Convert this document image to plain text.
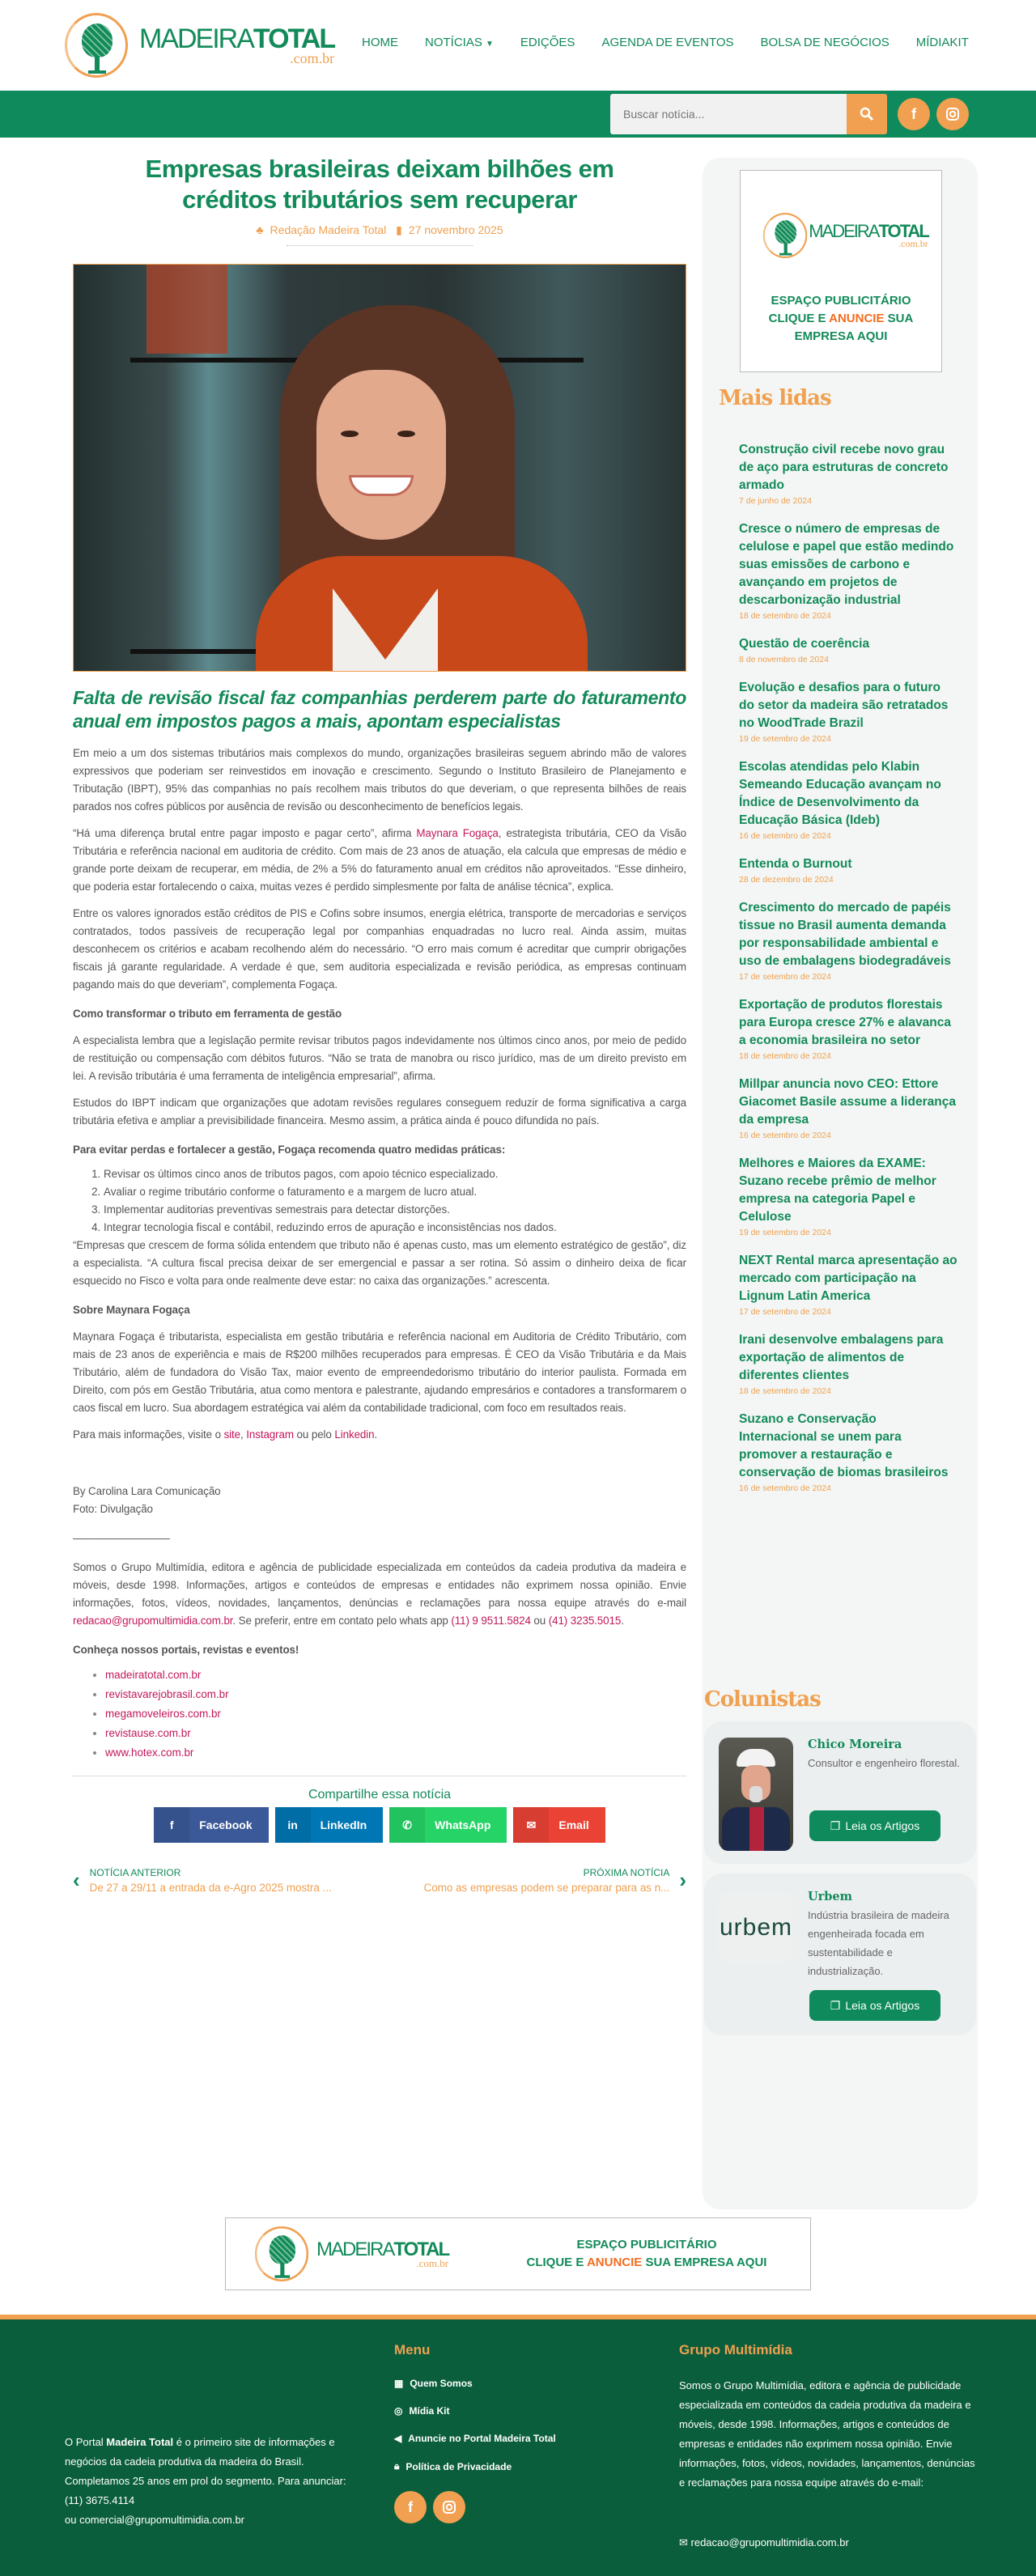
MADEIRATOTAL
.com.br
HOME NOTÍCIAS ▼ EDIÇÕES AGENDA DE EVENTOS BOLSA DE NEGÓCIOS MÍDIAKIT
Buscar notícia...
f
Empresas brasileiras deixam bilhões em créditos tributários sem recuperar
♣ Redação Madeira Total ▮ 27 novembro 2025
Falta de revisão fiscal faz companhias perderem parte do faturamento anual em impostos pagos a mais, apontam especialistas

Em meio a um dos sistemas tributários mais complexos do mundo, organizações brasileiras seguem abrindo mão de valores expressivos que poderiam ser reinvestidos em inovação e crescimento. Segundo o Instituto Brasileiro de Planejamento e Tributação (IBPT), 95% das companhias no país recolhem mais tributos do que deveriam, o que representa bilhões de reais parados nos cofres públicos por ausência de revisão ou desconhecimento de benefícios legais.

“Há uma diferença brutal entre pagar imposto e pagar certo”, afirma Maynara Fogaça, estrategista tributária, CEO da Visão Tributária e referência nacional em auditoria de crédito. Com mais de 23 anos de atuação, ela calcula que empresas de médio e grande porte deixam de recuperar, em média, de 2% a 5% do faturamento anual em créditos não aproveitados. “Esse dinheiro, que poderia estar fortalecendo o caixa, muitas vezes é perdido simplesmente por falta de análise técnica”, explica.

Entre os valores ignorados estão créditos de PIS e Cofins sobre insumos, energia elétrica, transporte de mercadorias e serviços contratados, todos passíveis de recuperação legal por companhias enquadradas no lucro real. Ainda assim, muitas desconhecem os critérios e acabam recolhendo além do necessário. “O erro mais comum é acreditar que cumprir obrigações fiscais já garante regularidade. A verdade é que, sem auditoria especializada e revisão periódica, as empresas continuam pagando mais do que deveriam”, complementa Fogaça.

Como transformar o tributo em ferramenta de gestão

A especialista lembra que a legislação permite revisar tributos pagos indevidamente nos últimos cinco anos, por meio de pedido de restituição ou compensação com débitos futuros. “Não se trata de manobra ou risco jurídico, mas de um direito previsto em lei. A revisão tributária é uma ferramenta de inteligência empresarial”, afirma.

Estudos do IBPT indicam que organizações que adotam revisões regulares conseguem reduzir de forma significativa a carga tributária efetiva e ampliar a previsibilidade financeira. Mesmo assim, a prática ainda é pouco difundida no país.

Para evitar perdas e fortalecer a gestão, Fogaça recomenda quatro medidas práticas:

1. Revisar os últimos cinco anos de tributos pagos, com apoio técnico especializado.
2. Avaliar o regime tributário conforme o faturamento e a margem de lucro atual.
3. Implementar auditorias preventivas semestrais para detectar distorções.
4. Integrar tecnologia fiscal e contábil, reduzindo erros de apuração e inconsistências nos dados.

“Empresas que crescem de forma sólida entendem que tributo não é apenas custo, mas um elemento estratégico de gestão”, diz a especialista. “A cultura fiscal precisa deixar de ser emergencial e passar a ser rotina. Só assim o dinheiro deixa de ficar esquecido no Fisco e volta para onde realmente deve estar: no caixa das organizações.” acrescenta.

Sobre Maynara Fogaça

Maynara Fogaça é tributarista, especialista em gestão tributária e referência nacional em Auditoria de Crédito Tributário, com mais de 23 anos de experiência e mais de R$200 milhões recuperados para empresas. É CEO da Visão Tributária e da Mais Tributário, além de fundadora do Visão Tax, maior evento de empreendedorismo tributário do interior paulista. Formada em Direito, com pós em Gestão Tributária, atua como mentora e palestrante, ajudando empresários e contadores a transformarem o caos fiscal em lucro. Sua abordagem estratégica vai além da contabilidade tradicional, com foco em resultados reais.

Para mais informações, visite o site, Instagram ou pelo Linkedin.

By Carolina Lara Comunicação
Foto: Divulgação

—————————

Somos o Grupo Multimídia, editora e agência de publicidade especializada em conteúdos da cadeia produtiva da madeira e móveis, desde 1998. Informações, artigos e conteúdos de empresas e entidades não exprimem nossa opinião. Envie informações, fotos, vídeos, novidades, lançamentos, denúncias e reclamações para nossa equipe através do e-mail redacao@grupomultimidia.com.br. Se preferir, entre em contato pelo whats app (11) 9 9511.5824 ou (41) 3235.5015.

Conheça nossos portais, revistas e eventos!

• madeiratotal.com.br
• revistavarejobrasil.com.br
• megamoveleiros.com.br
• revistause.com.br
• www.hotex.com.br
Compartilhe essa notícia
f	Facebook	in	LinkedIn	✆	WhatsApp	✉	Email
‹ NOTÍCIA ANTERIOR
De 27 a 29/11 a entrada da e-Agro 2025 mostra ...
PRÓXIMA NOTÍCIA
Como as empresas podem se preparar para as n... ›
MADEIRATOTAL
.com.br
ESPAÇO PUBLICITÁRIO
CLIQUE E ANUNCIE SUA
EMPRESA AQUI
Mais lidas
Construção civil recebe novo grau de aço para estruturas de concreto armado
7 de junho de 2024
Cresce o número de empresas de celulose e papel que estão medindo suas emissões de carbono e avançando em projetos de descarbonização industrial
18 de setembro de 2024
Questão de coerência
8 de novembro de 2024
Evolução e desafios para o futuro do setor da madeira são retratados no WoodTrade Brazil
19 de setembro de 2024
Escolas atendidas pelo Klabin Semeando Educação avançam no Índice de Desenvolvimento da Educação Básica (Ideb)
16 de setembro de 2024
Entenda o Burnout
28 de dezembro de 2024
Crescimento do mercado de papéis tissue no Brasil aumenta demanda por responsabilidade ambiental e uso de embalagens biodegradáveis
17 de setembro de 2024
Exportação de produtos florestais para Europa cresce 27% e alavanca a economia brasileira no setor
18 de setembro de 2024
Millpar anuncia novo CEO: Ettore Giacomet Basile assume a liderança da empresa
16 de setembro de 2024
Melhores e Maiores da EXAME: Suzano recebe prêmio de melhor empresa na categoria Papel e Celulose
19 de setembro de 2024
NEXT Rental marca apresentação ao mercado com participação na Lignum Latin America
17 de setembro de 2024
Irani desenvolve embalagens para exportação de alimentos de diferentes clientes
18 de setembro de 2024
Suzano e Conservação Internacional se unem para promover a restauração e conservação de biomas brasileiros
16 de setembro de 2024
Colunistas
Chico Moreira
Consultor e engenheiro florestal.
❐ Leia os Artigos
urbem
Urbem
Indústria brasileira de madeira engenheirada focada em sustentabilidade e industrialização.
❐ Leia os Artigos
MADEIRATOTAL
.com.br
ESPAÇO PUBLICITÁRIO
CLIQUE E ANUNCIE SUA EMPRESA AQUI
O Portal Madeira Total é o primeiro site de informações e negócios da cadeia produtiva da madeira do Brasil. Completamos 25 anos em prol do segmento. Para anunciar: (11) 3675.4114
ou comercial@grupomultimidia.com.br
Menu
▦ Quem Somos
◎ Mídia Kit
◀ Anuncie no Portal Madeira Total
🔒︎ Política de Privacidade
f
Grupo Multimídia
Somos o Grupo Multimídia, editora e agência de publicidade especializada em conteúdos da cadeia produtiva da madeira e móveis, desde 1998. Informações, artigos e conteúdos de empresas e entidades não exprimem nossa opinião. Envie informações, fotos, vídeos, novidades, lançamentos, denúncias e reclamações para nossa equipe através do e-mail:
✉ redacao@grupomultimidia.com.br
